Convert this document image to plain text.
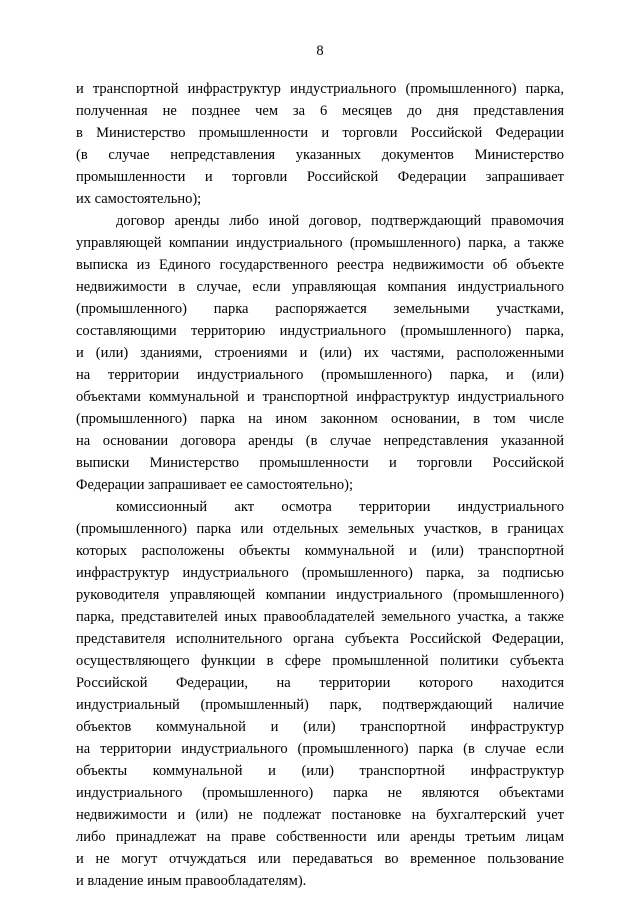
8
и транспортной инфраструктур индустриального (промышленного) парка,
полученная не позднее чем за 6 месяцев до дня представления
в Министерство промышленности и торговли Российской Федерации
(в случае непредставления указанных документов Министерство
промышленности и торговли Российской Федерации запрашивает
их самостоятельно);
договор аренды либо иной договор, подтверждающий правомочия
управляющей компании индустриального (промышленного) парка, а также
выписка из Единого государственного реестра недвижимости об объекте
недвижимости в случае, если управляющая компания индустриального
(промышленного) парка распоряжается земельными участками,
составляющими территорию индустриального (промышленного) парка,
и (или) зданиями, строениями и (или) их частями, расположенными
на территории индустриального (промышленного) парка, и (или)
объектами коммунальной и транспортной инфраструктур индустриального
(промышленного) парка на ином законном основании, в том числе
на основании договора аренды (в случае непредставления указанной
выписки Министерство промышленности и торговли Российской
Федерации запрашивает ее самостоятельно);
комиссионный акт осмотра территории индустриального
(промышленного) парка или отдельных земельных участков, в границах
которых расположены объекты коммунальной и (или) транспортной
инфраструктур индустриального (промышленного) парка, за подписью
руководителя управляющей компании индустриального (промышленного)
парка, представителей иных правообладателей земельного участка, а также
представителя исполнительного органа субъекта Российской Федерации,
осуществляющего функции в сфере промышленной политики субъекта
Российской Федерации, на территории которого находится
индустриальный (промышленный) парк, подтверждающий наличие
объектов коммунальной и (или) транспортной инфраструктур
на территории индустриального (промышленного) парка (в случае если
объекты коммунальной и (или) транспортной инфраструктур
индустриального (промышленного) парка не являются объектами
недвижимости и (или) не подлежат постановке на бухгалтерский учет
либо принадлежат на праве собственности или аренды третьим лицам
и не могут отчуждаться или передаваться во временное пользование
и владение иным правообладателям).
